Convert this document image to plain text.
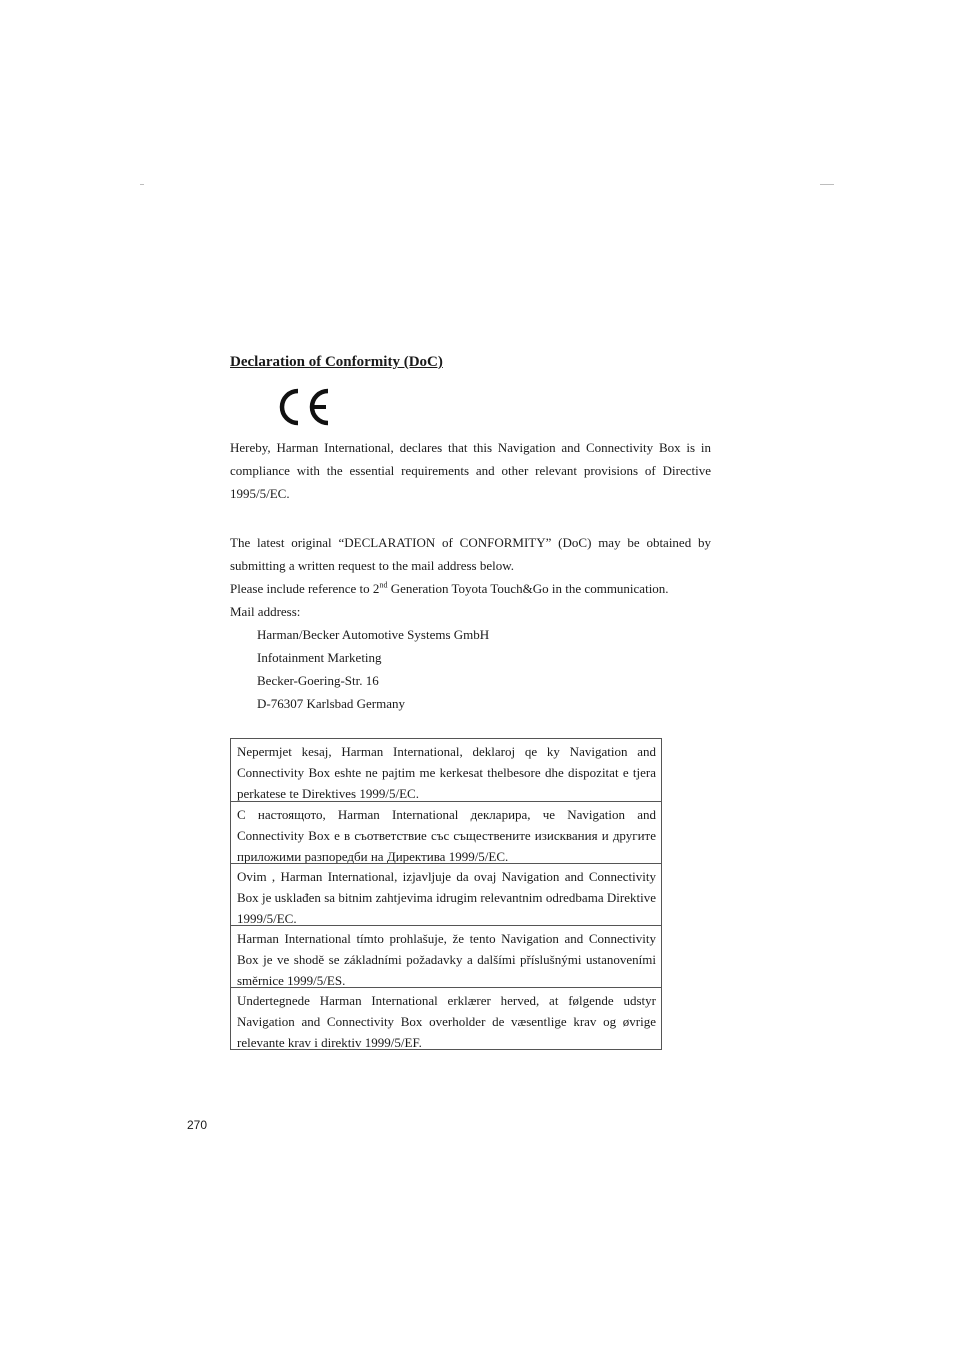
Declaration of Conformity (DoC)

Hereby, Harman International, declares that this Navigation and Connectivity Box is in compliance with the essential requirements and other relevant provisions of Directive 1995/5/EC.

The latest original “DECLARATION of CONFORMITY” (DoC) may be obtained by submitting a written request to the mail address below.

Please include reference to 2nd Generation Toyota Touch&Go in the communication.

Mail address:

Harman/Becker Automotive Systems GmbH

Infotainment Marketing

Becker-Goering-Str. 16

D-76307 Karlsbad Germany

Nepermjet kesaj, Harman International, deklaroj qe ky Navigation and Connectivity Box eshte ne pajtim me kerkesat thelbesore dhe dispozitat e tjera perkatese te Direktives 1999/5/EC.
С настоящото, Harman International декларира, че Navigation and Connectivity Box е в съответствие със съществените изисквания и другите приложими разпоредби на Директива 1999/5/ЕС.
Ovim , Harman International, izjavljuje da ovaj Navigation and Connectivity Box je usklađen sa bitnim zahtjevima idrugim relevantnim odredbama Direktive 1999/5/EC.
Harman International tímto prohlašuje, že tento Navigation and Connectivity Box je ve shodě se základními požadavky a dalšími příslušnými ustanoveními směrnice 1999/5/ES.
Undertegnede Harman International erklærer herved, at følgende udstyr Navigation and Connectivity Box overholder de væsentlige krav og øvrige relevante krav i direktiv 1999/5/EF.

270
